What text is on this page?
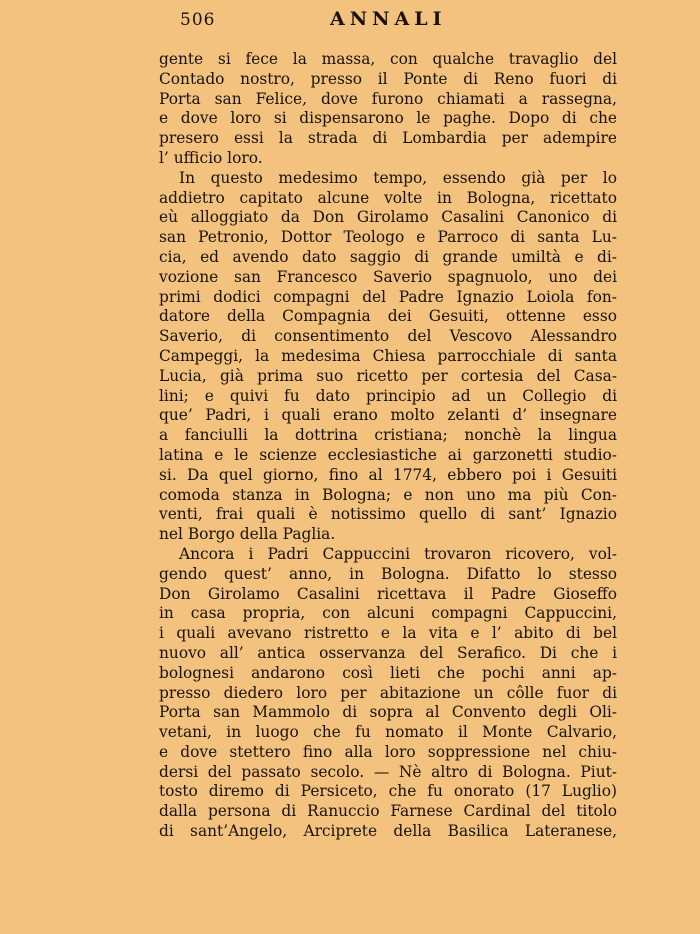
506	ANNALI
gente si fece la massa, con qualche travaglio del
Contado nostro, presso il Ponte di Reno fuori di
Porta san Felice, dove furono chiamati a rassegna,
e dove loro si dispensarono le paghe. Dopo di che
presero essi la strada di Lombardia per adempire
l’ ufficio loro.
In questo medesimo tempo, essendo già per lo
addietro capitato alcune volte in Bologna, ricettato
eù alloggiato da Don Girolamo Casalini Canonico di
san Petronio, Dottor Teologo e Parroco di santa Lu-
cia, ed avendo dato saggio di grande umiltà e di-
vozione san Francesco Saverio spagnuolo, uno dei
primi dodici compagni del Padre Ignazio Loiola fon-
datore della Compagnia dei Gesuiti, ottenne esso
Saverio, di consentimento del Vescovo Alessandro
Campeggi, la medesima Chiesa parrocchiale di santa
Lucia, già prima suo ricetto per cortesia del Casa-
lini; e quivi fu dato principio ad un Collegio di
que’ Padri, i quali erano molto zelanti d’ insegnare
a fanciulli la dottrina cristiana; nonchè la lingua
latina e le scienze ecclesiastiche ai garzonetti studio-
si. Da quel giorno, fino al 1774, ebbero poi i Gesuiti
comoda stanza in Bologna; e non uno ma più Con-
venti, frai quali è notissimo quello di sant’ Ignazio
nel Borgo della Paglia.
Ancora i Padri Cappuccini trovaron ricovero, vol-
gendo quest’ anno, in Bologna. Difatto lo stesso
Don Girolamo Casalini ricettava il Padre Gioseffo
in casa propria, con alcuni compagni Cappuccini,
i quali avevano ristretto e la vita e l’ abito di bel
nuovo all’ antica osservanza del Serafico. Di che i
bolognesi andarono così lieti che pochi anni ap-
presso diedero loro per abitazione un côlle fuor di
Porta san Mammolo di sopra al Convento degli Oli-
vetani, in luogo che fu nomato il Monte Calvario,
e dove stettero fino alla loro soppressione nel chiu-
dersi del passato secolo. — Nè altro di Bologna. Piut-
tosto diremo di Persiceto, che fu onorato (17 Luglio)
dalla persona di Ranuccio Farnese Cardinal del titolo
di sant’Angelo, Arciprete della Basilica Lateranese,
